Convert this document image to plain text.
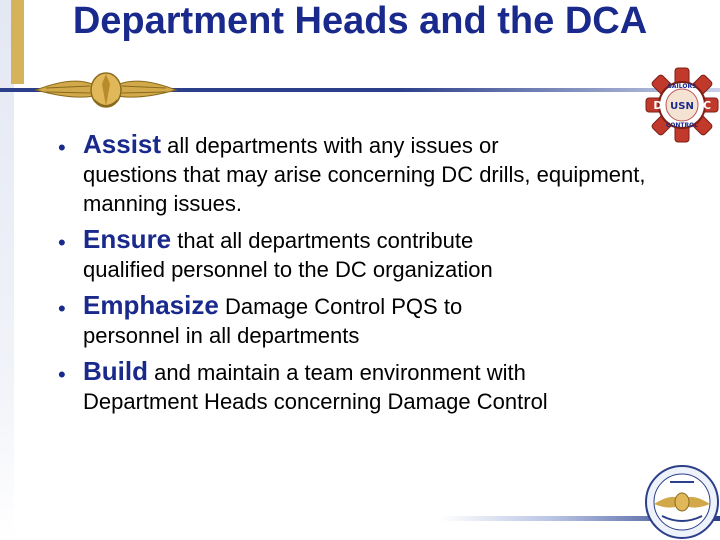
Department Heads and the DCA
SAILORS
USN
D	C
CONTROL
• Assist all departments with any issues or
questions that may arise concerning DC drills, equipment, manning issues.
• Ensure that all departments contribute
qualified personnel to the DC organization
• Emphasize Damage Control PQS to
personnel in all departments
• Build and maintain a team environment with
Department Heads concerning Damage Control
